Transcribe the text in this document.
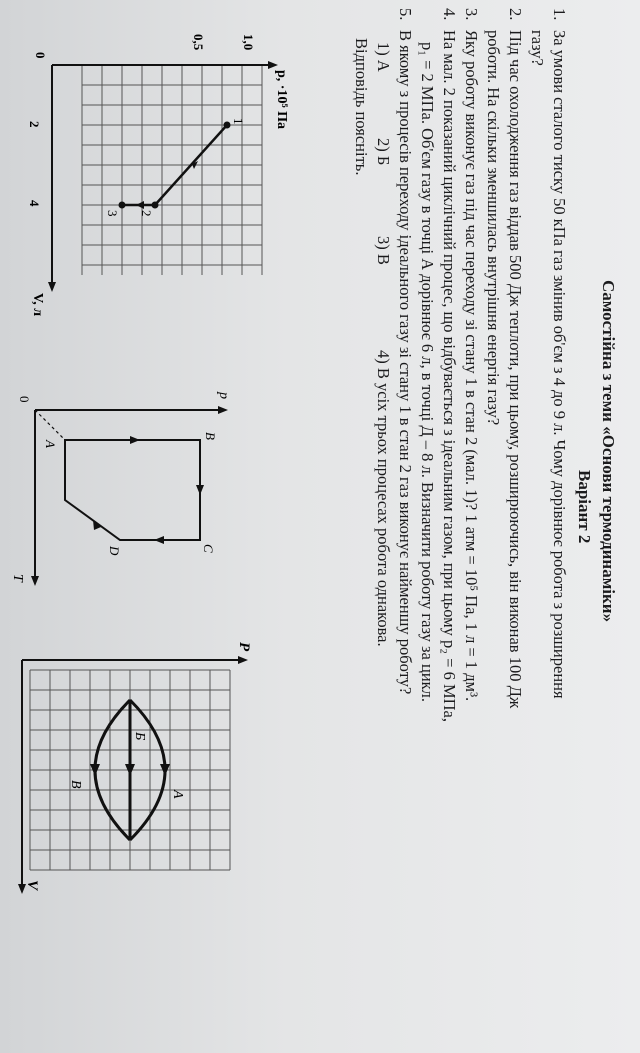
Самостійна з теми «Основи термодинаміки»
Варіант 2
1.
За умови сталого тиску 50 кПа газ змінив об'єм з 4 до 9 л. Чому дорівнює робота з розширення
газу?
2.
Під час охолодження газ віддав 500 Дж теплоти, при цьому, розширюючись, він виконав 100 Дж
роботи. На скільки зменшилась внутрішня енергія газу?
3.
Яку роботу виконує газ під час переходу зі стану 1 в стан 2 (мал. 1)? 1 атм = 10⁵ Па, 1 л = 1 дм³.
4.
На мал. 2 показаний циклічний процес, що відбувається з ідеальним газом, при цьому p₂ = 6 МПа,
p₁ = 2 МПа. Об'єм газу в точці А дорівнює 6 л, в точці Д – 8 л. Визначити роботу газу за цикл.
5.
В якому з процесів переходу ідеального газу зі стану 1 в стан 2 газ виконує найменшу роботу?
1) А
2) Б
3) В
4) В усіх трьох процесах робота однакова.
Відповідь поясніть.
p, ·10⁵ Па
V, л
1,0
0,5
0
2
4
1
2
3
p
T
0
А
В
С
D
P
V
А
Б
В
